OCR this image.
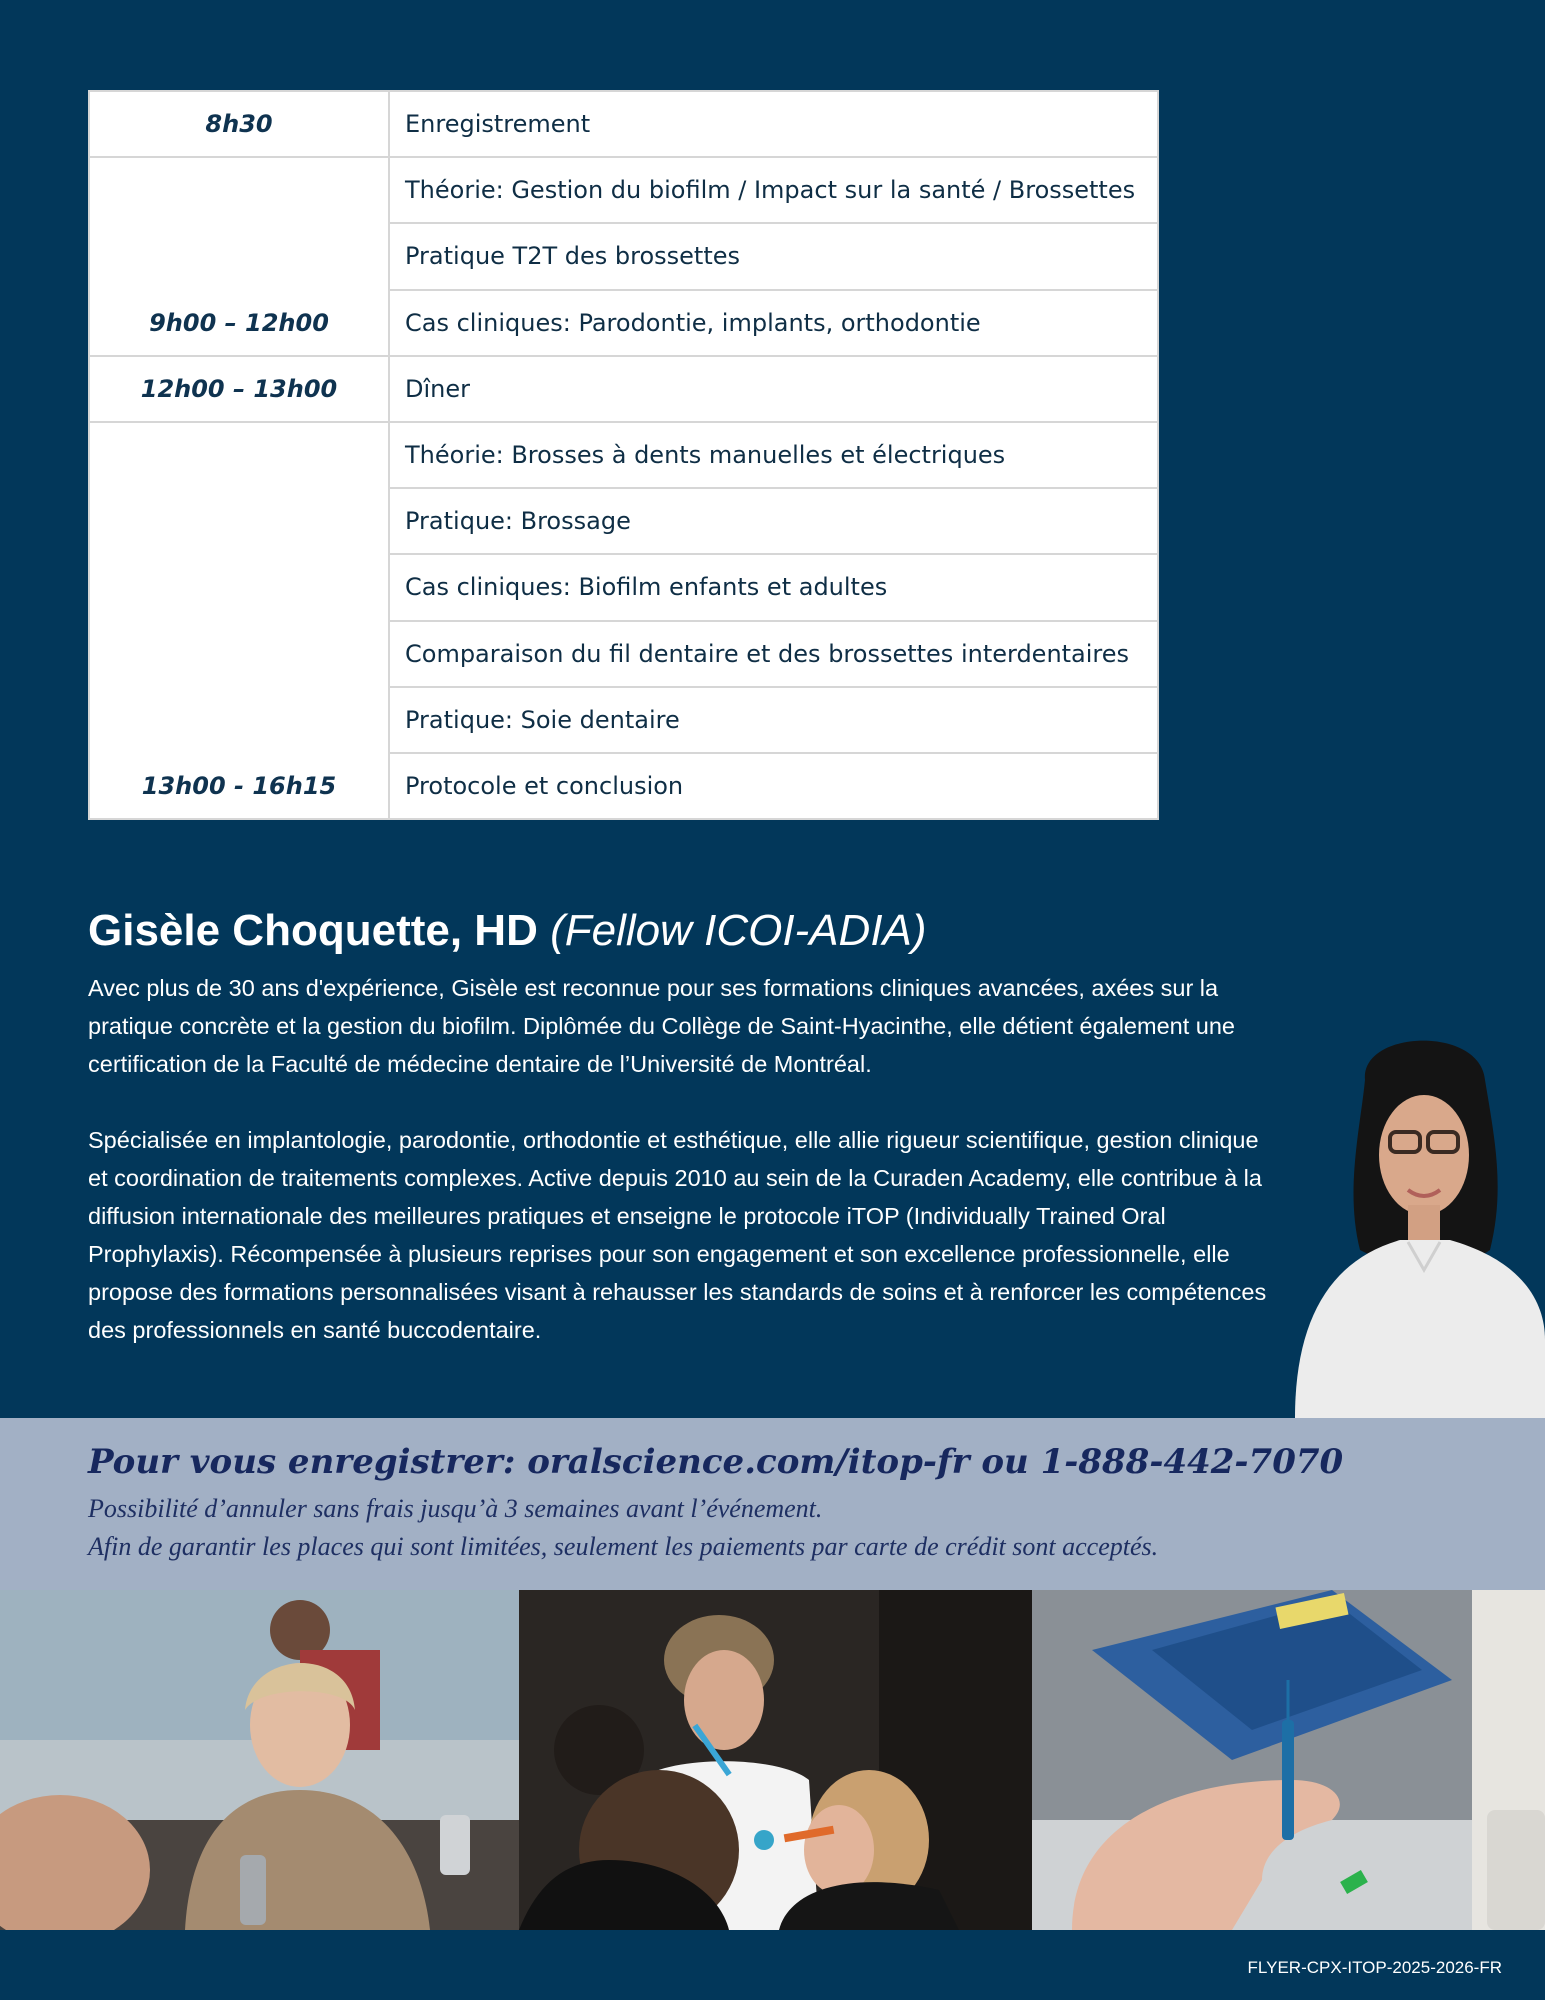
8h30	Enregistrement
9h00 – 12h00	Théorie: Gestion du biofilm / Impact sur la santé / Brossettes
	Pratique T2T des brossettes
	Cas cliniques: Parodontie, implants, orthodontie
12h00 – 13h00	Dîner
13h00 - 16h15	Théorie: Brosses à dents manuelles et électriques
	Pratique: Brossage
	Cas cliniques: Biofilm enfants et adultes
	Comparaison du fil dentaire et des brossettes interdentaires
	Pratique: Soie dentaire
	Protocole et conclusion
Gisèle Choquette, HD (Fellow ICOI-ADIA)

Avec plus de 30 ans d'expérience, Gisèle est reconnue pour ses formations cliniques avancées, axées sur la pratique concrète et la gestion du biofilm. Diplômée du Collège de Saint-Hyacinthe, elle détient également une certification de la Faculté de médecine dentaire de l’Université de Montréal.

Spécialisée en implantologie, parodontie, orthodontie et esthétique, elle allie rigueur scientifique, gestion clinique et coordination de traitements complexes. Active depuis 2010 au sein de la Curaden Academy, elle contribue à la diffusion internationale des meilleures pratiques et enseigne le protocole iTOP (Individually Trained Oral Prophylaxis). Récompensée à plusieurs reprises pour son engagement et son excellence professionnelle, elle propose des formations personnalisées visant à rehausser les standards de soins et à renforcer les compétences des professionnels en santé buccodentaire.

Pour vous enregistrer: oralscience.com/itop-fr ou 1-888-442-7070

Possibilité d’annuler sans frais jusqu’à 3 semaines avant l’événement.

Afin de garantir les places qui sont limitées, seulement les paiements par carte de crédit sont acceptés.

FLYER-CPX-ITOP-2025-2026-FR
